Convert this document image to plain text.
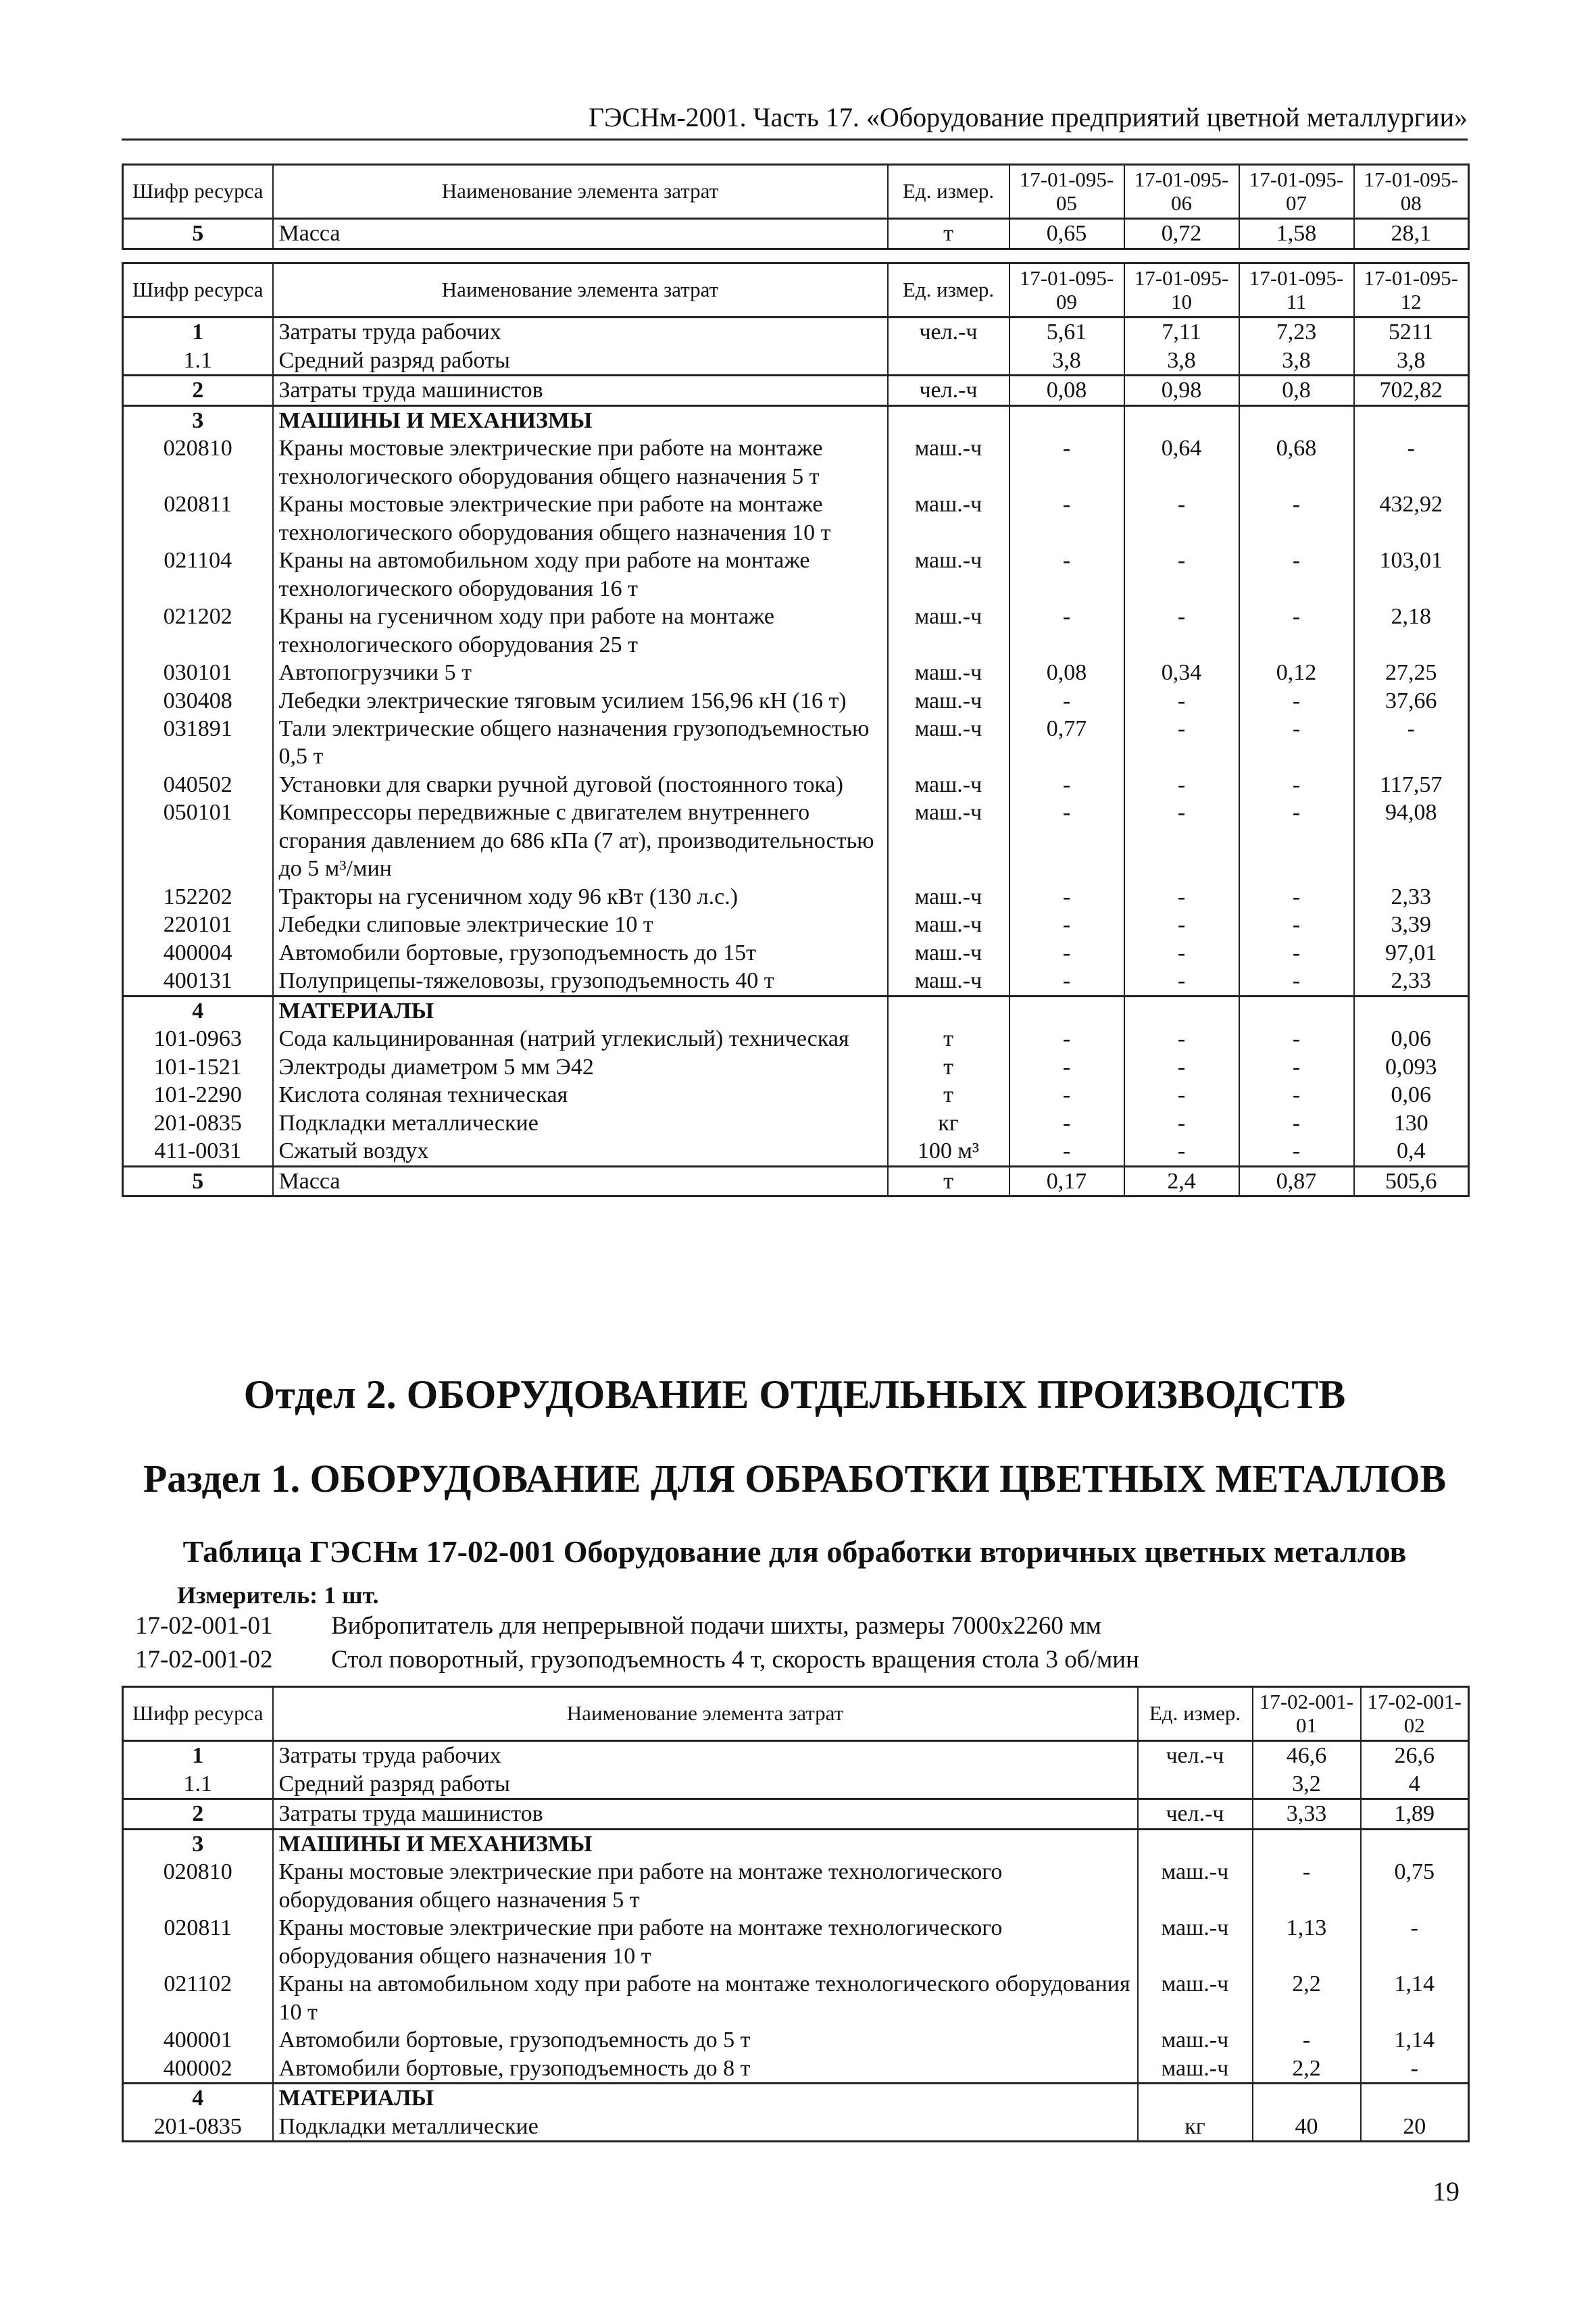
ГЭСНм-2001. Часть 17. «Оборудование предприятий цветной металлургии»
Шифр ресурса	Наименование элемента затрат	Ед. измер.	17-01-095-05	17-01-095-06	17-01-095-07	17-01-095-08
5	Масса	т	0,65	0,72	1,58	28,1
Шифр ресурса	Наименование элемента затрат	Ед. измер.	17-01-095-09	17-01-095-10	17-01-095-11	17-01-095-12
1	Затраты труда рабочих	чел.-ч	5,61	7,11	7,23	5211
1.1	Средний разряд работы		3,8	3,8	3,8	3,8
2	Затраты труда машинистов	чел.-ч	0,08	0,98	0,8	702,82
3	МАШИНЫ И МЕХАНИЗМЫ					
020810	Краны мостовые электрические при работе на монтаже технологического оборудования общего назначения 5 т	маш.-ч	-	0,64	0,68	-
020811	Краны мостовые электрические при работе на монтаже технологического оборудования общего назначения 10 т	маш.-ч	-	-	-	432,92
021104	Краны на автомобильном ходу при работе на монтаже технологического оборудования 16 т	маш.-ч	-	-	-	103,01
021202	Краны на гусеничном ходу при работе на монтаже технологического оборудования 25 т	маш.-ч	-	-	-	2,18
030101	Автопогрузчики 5 т	маш.-ч	0,08	0,34	0,12	27,25
030408	Лебедки электрические тяговым усилием 156,96 кН (16 т)	маш.-ч	-	-	-	37,66
031891	Тали электрические общего назначения грузоподъемностью 0,5 т	маш.-ч	0,77	-	-	-
040502	Установки для сварки ручной дуговой (постоянного тока)	маш.-ч	-	-	-	117,57
050101	Компрессоры передвижные с двигателем внутреннего сгорания давлением до 686 кПа (7 ат), производительностью до 5 м³/мин	маш.-ч	-	-	-	94,08
152202	Тракторы на гусеничном ходу 96 кВт (130 л.с.)	маш.-ч	-	-	-	2,33
220101	Лебедки слиповые электрические 10 т	маш.-ч	-	-	-	3,39
400004	Автомобили бортовые, грузоподъемность до 15т	маш.-ч	-	-	-	97,01
400131	Полуприцепы-тяжеловозы, грузоподъемность 40 т	маш.-ч	-	-	-	2,33
4	МАТЕРИАЛЫ					
101-0963	Сода кальцинированная (натрий углекислый) техническая	т	-	-	-	0,06
101-1521	Электроды диаметром 5 мм Э42	т	-	-	-	0,093
101-2290	Кислота соляная техническая	т	-	-	-	0,06
201-0835	Подкладки металлические	кг	-	-	-	130
411-0031	Сжатый воздух	100 м³	-	-	-	0,4
5	Масса	т	0,17	2,4	0,87	505,6
Отдел 2. ОБОРУДОВАНИЕ ОТДЕЛЬНЫХ ПРОИЗВОДСТВ
Раздел 1. ОБОРУДОВАНИЕ ДЛЯ ОБРАБОТКИ ЦВЕТНЫХ МЕТАЛЛОВ
Таблица ГЭСНм 17-02-001 Оборудование для обработки вторичных цветных металлов
Измеритель: 1 шт.
17-02-001-01 Вибропитатель для непрерывной подачи шихты, размеры 7000x2260 мм
17-02-001-02 Стол поворотный, грузоподъемность 4 т, скорость вращения стола 3 об/мин
Шифр ресурса	Наименование элемента затрат	Ед. измер.	17-02-001-01	17-02-001-02
1	Затраты труда рабочих	чел.-ч	46,6	26,6
1.1	Средний разряд работы		3,2	4
2	Затраты труда машинистов	чел.-ч	3,33	1,89
3	МАШИНЫ И МЕХАНИЗМЫ			
020810	Краны мостовые электрические при работе на монтаже технологического оборудования общего назначения 5 т	маш.-ч	-	0,75
020811	Краны мостовые электрические при работе на монтаже технологического оборудования общего назначения 10 т	маш.-ч	1,13	-
021102	Краны на автомобильном ходу при работе на монтаже технологического оборудования 10 т	маш.-ч	2,2	1,14
400001	Автомобили бортовые, грузоподъемность до 5 т	маш.-ч	-	1,14
400002	Автомобили бортовые, грузоподъемность до 8 т	маш.-ч	2,2	-
4	МАТЕРИАЛЫ			
201-0835	Подкладки металлические	кг	40	20
19
